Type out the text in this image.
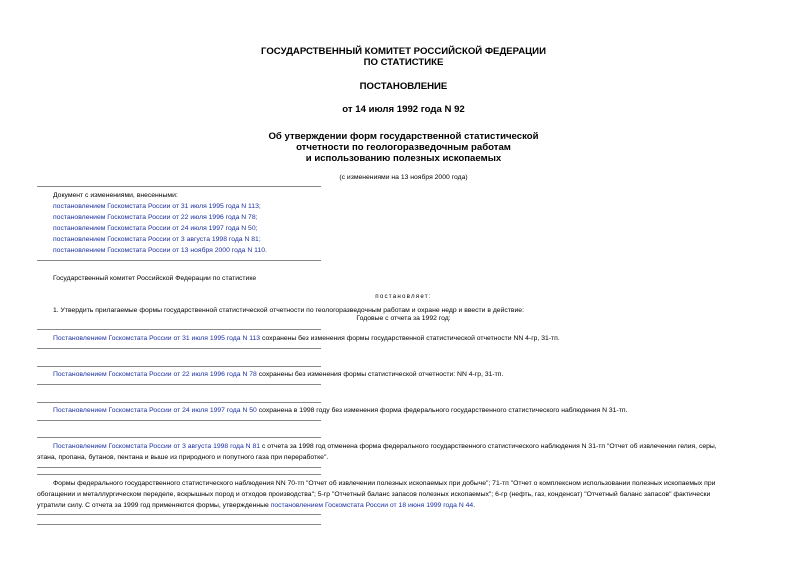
ГОСУДАРСТВЕННЫЙ КОМИТЕТ РОССИЙСКОЙ ФЕДЕРАЦИИ
ПО СТАТИСТИКЕ
ПОСТАНОВЛЕНИЕ
от 14 июля 1992 года N 92
Об утверждении форм государственной статистической
отчетности по геологоразведочным работам
и использованию полезных ископаемых
(с изменениями на 13 ноября 2000 года)
Документ с изменениями, внесенными:
постановлением Госкомстата России от 31 июля 1995 года N 113;
постановлением Госкомстата России от 22 июля 1996 года N 78;
постановлением Госкомстата России от 24 июля 1997 года N 50;
постановлением Госкомстата России от 3 августа 1998 года N 81;
постановлением Госкомстата России от 13 ноября 2000 года N 110.
Государственный комитет Российской Федерации по статистике
постановляет:
1. Утвердить прилагаемые формы государственной статистической отчетности по геологоразведочным работам и охране недр и ввести в действие:
Годовые с отчета за 1992 год:
Постановлением Госкомстата России от 31 июля 1995 года N 113 сохранены без изменения формы государственной статистической отчетности NN 4-гр, 31-тп.
Постановлением Госкомстата России от 22 июля 1996 года N 78 сохранены без изменения формы статистической отчетности: NN 4-гр, 31-тп.
Постановлением Госкомстата России от 24 июля 1997 года N 50 сохранена в 1998 году без изменения форма федерального государственного статистического наблюдения N 31-тп.
Постановлением Госкомстата России от 3 августа 1998 года N 81 с отчета за 1998 год отменена форма федерального государственного статистического наблюдения N 31-тп "Отчет об извлечении гелия, серы,
этана, пропана, бутанов, пентана и выше из природного и попутного газа при переработке".
Формы федерального государственного статистического наблюдения NN 70-тп "Отчет об извлечении полезных ископаемых при добыче"; 71-тп "Отчет о комплексном использовании полезных ископаемых при
обогащении и металлургическом переделе, вскрышных пород и отходов производства"; 5-гр "Отчетный баланс запасов полезных ископаемых"; 6-гр (нефть, газ, конденсат) "Отчетный баланс запасов" фактически
утратили силу. С отчета за 1999 год применяются формы, утвержденные постановлением Госкомстата России от 18 июня 1999 года N 44.
